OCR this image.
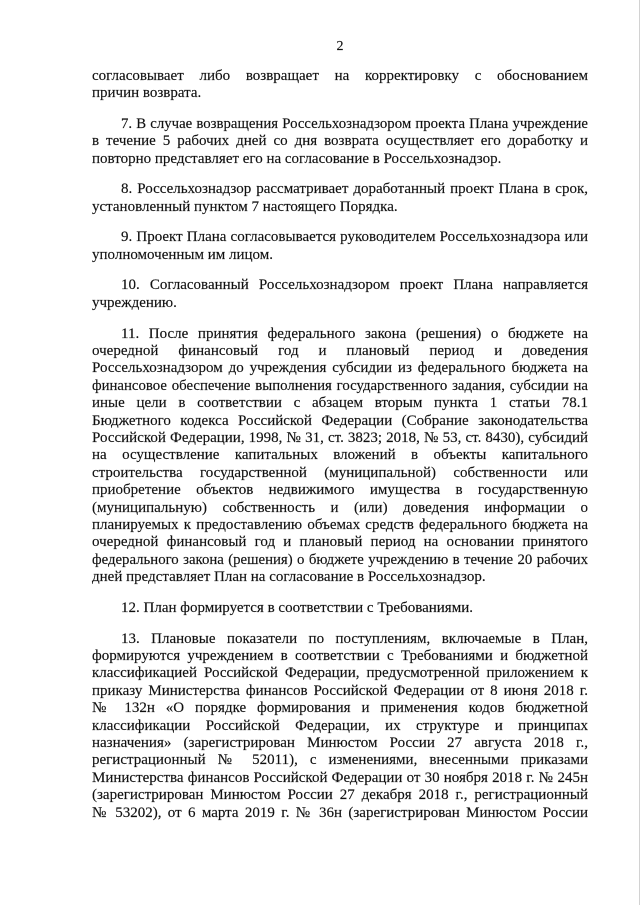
2
согласовывает либо возвращает на корректировку с обоснованием
причин возврата.
7. В случае возвращения Россельхознадзором проекта Плана учреждение
в течение 5 рабочих дней со дня возврата осуществляет его доработку и
повторно представляет его на согласование в Россельхознадзор.
8. Россельхознадзор рассматривает доработанный проект Плана в срок,
установленный пунктом 7 настоящего Порядка.
9. Проект Плана согласовывается руководителем Россельхознадзора или
уполномоченным им лицом.
10. Согласованный Россельхознадзором проект Плана направляется
учреждению.
11. После принятия федерального закона (решения) о бюджете на
очередной финансовый год и плановый период и доведения
Россельхознадзором до учреждения субсидии из федерального бюджета на
финансовое обеспечение выполнения государственного задания, субсидии на
иные цели в соответствии с абзацем вторым пункта 1 статьи 78.1
Бюджетного кодекса Российской Федерации (Собрание законодательства
Российской Федерации, 1998, № 31, ст. 3823; 2018, № 53, ст. 8430), субсидий
на осуществление капитальных вложений в объекты капитального
строительства государственной (муниципальной) собственности или
приобретение объектов недвижимого имущества в государственную
(муниципальную) собственность и (или) доведения информации о
планируемых к предоставлению объемах средств федерального бюджета на
очередной финансовый год и плановый период на основании принятого
федерального закона (решения) о бюджете учреждению в течение 20 рабочих
дней представляет План на согласование в Россельхознадзор.
12. План формируется в соответствии с Требованиями.
13. Плановые показатели по поступлениям, включаемые в План,
формируются учреждением в соответствии с Требованиями и бюджетной
классификацией Российской Федерации, предусмотренной приложением к
приказу Министерства финансов Российской Федерации от 8 июня 2018 г.
№ 132н «О порядке формирования и применения кодов бюджетной
классификации Российской Федерации, их структуре и принципах
назначения» (зарегистрирован Минюстом России 27 августа 2018 г.,
регистрационный № 52011), с изменениями, внесенными приказами
Министерства финансов Российской Федерации от 30 ноября 2018 г. № 245н
(зарегистрирован Минюстом России 27 декабря 2018 г., регистрационный
№ 53202), от 6 марта 2019 г. № 36н (зарегистрирован Минюстом России
